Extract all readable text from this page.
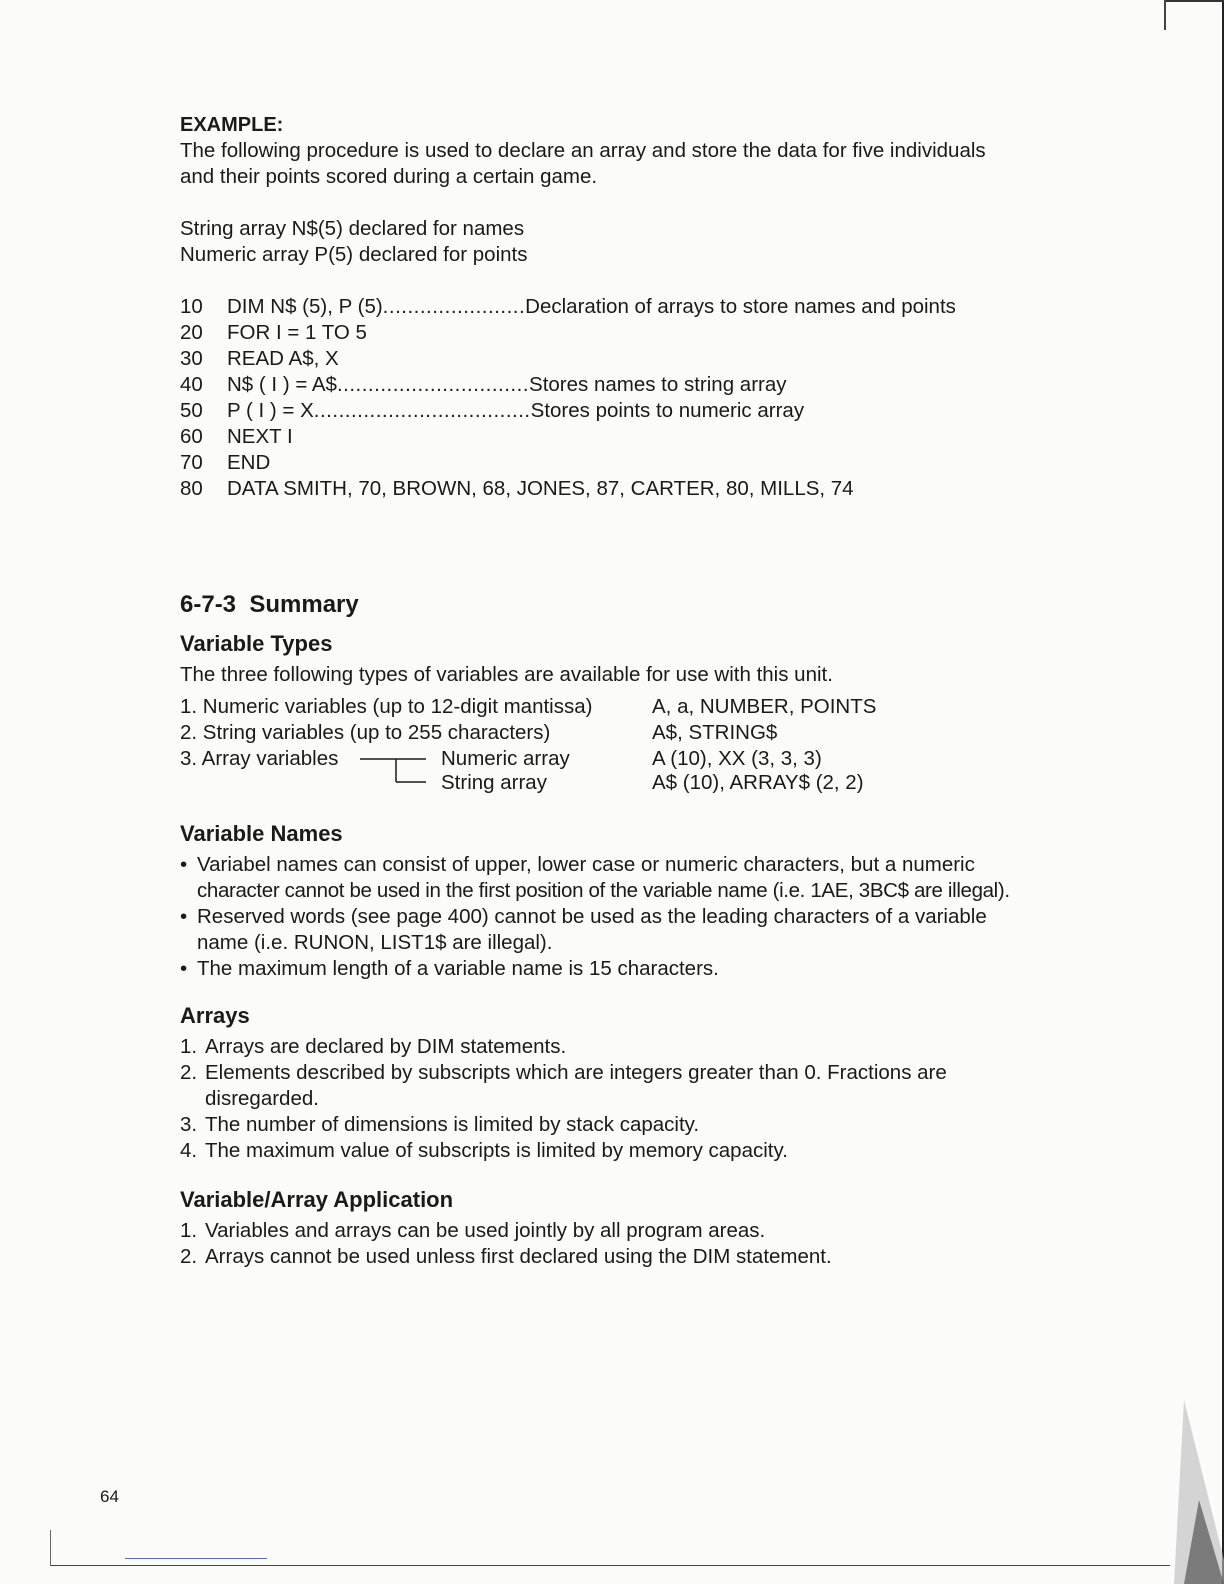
EXAMPLE:

The following procedure is used to declare an array and store the data for five individuals

and their points scored during a certain game.

String array N$(5) declared for names

Numeric array P(5) declared for points

10	DIM N$ (5), P (5) ....................... Declaration of arrays to store names and points
20	FOR I = 1 TO 5
30	READ A$, X
40	N$ ( I ) = A$ ............................... Stores names to string array
50	P ( I ) = X ................................... Stores points to numeric array
60	NEXT I
70	END
80	DATA SMITH, 70, BROWN, 68, JONES, 87, CARTER, 80, MILLS, 74
6-7-3  Summary
Variable Types

The three following types of variables are available for use with this unit.

1. Numeric variables (up to 12-digit mantissa)	A, a, NUMBER, POINTS
2. String variables (up to 255 characters)	A$, STRING$
3. Array variables	Numeric array	A (10), XX (3, 3, 3)
String array	A$ (10), ARRAY$ (2, 2)
Variable Names
• Variabel names can consist of upper, lower case or numeric characters, but a numeric
character cannot be used in the first position of the variable name (i.e. 1AE, 3BC$ are illegal).
• Reserved words (see page 400) cannot be used as the leading characters of a variable
name (i.e. RUNON, LIST1$ are illegal).
• The maximum length of a variable name is 15 characters.
Arrays
1. Arrays are declared by DIM statements.
2. Elements described by subscripts which are integers greater than 0. Fractions are
disregarded.
3. The number of dimensions is limited by stack capacity.
4. The maximum value of subscripts is limited by memory capacity.
Variable/Array Application
1. Variables and arrays can be used jointly by all program areas.
2. Arrays cannot be used unless first declared using the DIM statement.
64
